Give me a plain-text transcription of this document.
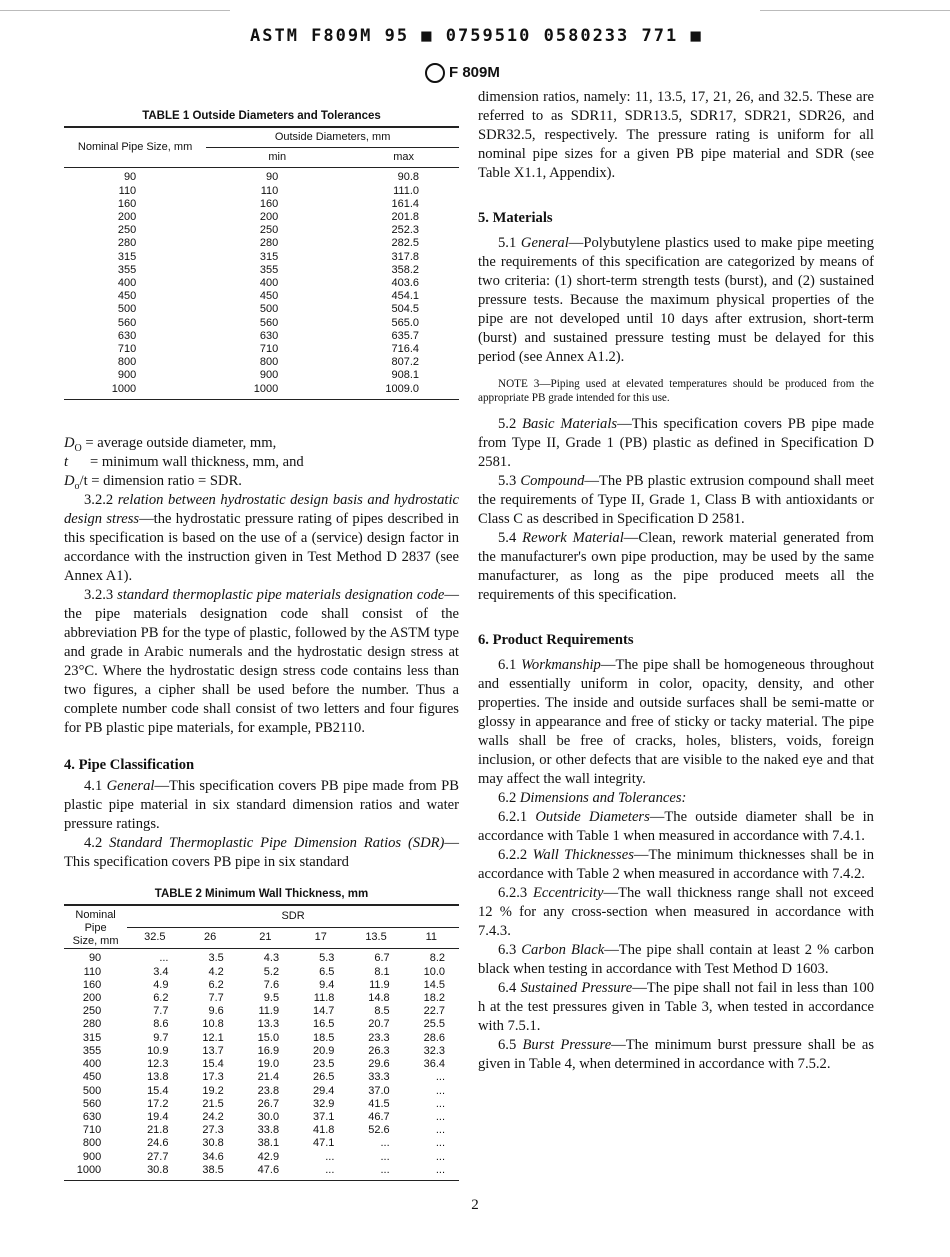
ASTM F809M 95 ■ 0759510 0580233 771 ■
F 809M
TABLE 1 Outside Diameters and Tolerances
Nominal Pipe Size, mm	Outside Diameters, mm	
	min	max
90	90	90.8
110	110	111.0
160	160	161.4
200	200	201.8
250	250	252.3
280	280	282.5
315	315	317.8
355	355	358.2
400	400	403.6
450	450	454.1
500	500	504.5
560	560	565.0
630	630	635.7
710	710	716.4
800	800	807.2
900	900	908.1
1000	1000	1009.0

$D_O$ = average outside diameter, mm,

t      = minimum wall thickness, mm, and

$D_o/t$ = dimension ratio = SDR.

3.2.2 relation between hydrostatic design basis and hydrostatic design stress—the hydrostatic pressure rating of pipes described in this specification is based on the use of a (service) design factor in accordance with the instruction given in Test Method D 2837 (see Annex A1).

3.2.3 standard thermoplastic pipe materials designation code—the pipe materials designation code shall consist of the abbreviation PB for the type of plastic, followed by the ASTM type and grade in Arabic numerals and the hydrostatic design stress at 23°C. Where the hydrostatic design stress code contains less than two figures, a cipher shall be used before the number. Thus a complete number code shall consist of two letters and four figures for PB plastic pipe materials, for example, PB2110.

4. Pipe Classification

4.1 General—This specification covers PB pipe made from PB plastic pipe material in six standard dimension ratios and water pressure ratings.

4.2 Standard Thermoplastic Pipe Dimension Ratios (SDR)—This specification covers PB pipe in six standard

TABLE 2 Minimum Wall Thickness, mm
Nominal Pipe
Size, mm	SDR					
	32.5	26	21	17	13.5	11
90	...	3.5	4.3	5.3	6.7	8.2
110	3.4	4.2	5.2	6.5	8.1	10.0
160	4.9	6.2	7.6	9.4	11.9	14.5
200	6.2	7.7	9.5	11.8	14.8	18.2
250	7.7	9.6	11.9	14.7	8.5	22.7
280	8.6	10.8	13.3	16.5	20.7	25.5
315	9.7	12.1	15.0	18.5	23.3	28.6
355	10.9	13.7	16.9	20.9	26.3	32.3
400	12.3	15.4	19.0	23.5	29.6	36.4
450	13.8	17.3	21.4	26.5	33.3	...
500	15.4	19.2	23.8	29.4	37.0	...
560	17.2	21.5	26.7	32.9	41.5	...
630	19.4	24.2	30.0	37.1	46.7	...
710	21.8	27.3	33.8	41.8	52.6	...
800	24.6	30.8	38.1	47.1	...	...
900	27.7	34.6	42.9	...	...	...
1000	30.8	38.5	47.6	...	...	...

dimension ratios, namely: 11, 13.5, 17, 21, 26, and 32.5. These are referred to as SDR11, SDR13.5, SDR17, SDR21, SDR26, and SDR32.5, respectively. The pressure rating is uniform for all nominal pipe sizes for a given PB pipe material and SDR (see Table X1.1, Appendix).

5. Materials

5.1 General—Polybutylene plastics used to make pipe meeting the requirements of this specification are categorized by means of two criteria: (1) short-term strength tests (burst), and (2) sustained pressure tests. Because the maximum physical properties of the pipe are not developed until 10 days after extrusion, short-term (burst) and sustained pressure testing must be delayed for this period (see Annex A1.2).

NOTE 3—Piping used at elevated temperatures should be produced from the appropriate PB grade intended for this use.

5.2 Basic Materials—This specification covers PB pipe made from Type II, Grade 1 (PB) plastic as defined in Specification D 2581.

5.3 Compound—The PB plastic extrusion compound shall meet the requirements of Type II, Grade 1, Class B with antioxidants or Class C as described in Specification D 2581.

5.4 Rework Material—Clean, rework material generated from the manufacturer's own pipe production, may be used by the same manufacturer, as long as the pipe produced meets all the requirements of this specification.

6. Product Requirements

6.1 Workmanship—The pipe shall be homogeneous throughout and essentially uniform in color, opacity, density, and other properties. The inside and outside surfaces shall be semi-matte or glossy in appearance and free of sticky or tacky material. The pipe walls shall be free of cracks, holes, blisters, voids, foreign inclusion, or other defects that are visible to the naked eye and that may affect the wall integrity.

6.2 Dimensions and Tolerances:

6.2.1 Outside Diameters—The outside diameter shall be in accordance with Table 1 when measured in accordance with 7.4.1.

6.2.2 Wall Thicknesses—The minimum thicknesses shall be in accordance with Table 2 when measured in accordance with 7.4.2.

6.2.3 Eccentricity—The wall thickness range shall not exceed 12 % for any cross-section when measured in accordance with 7.4.3.

6.3 Carbon Black—The pipe shall contain at least 2 % carbon black when testing in accordance with Test Method D 1603.

6.4 Sustained Pressure—The pipe shall not fail in less than 100 h at the test pressures given in Table 3, when tested in accordance with 7.5.1.

6.5 Burst Pressure—The minimum burst pressure shall be as given in Table 4, when determined in accordance with 7.5.2.

2
